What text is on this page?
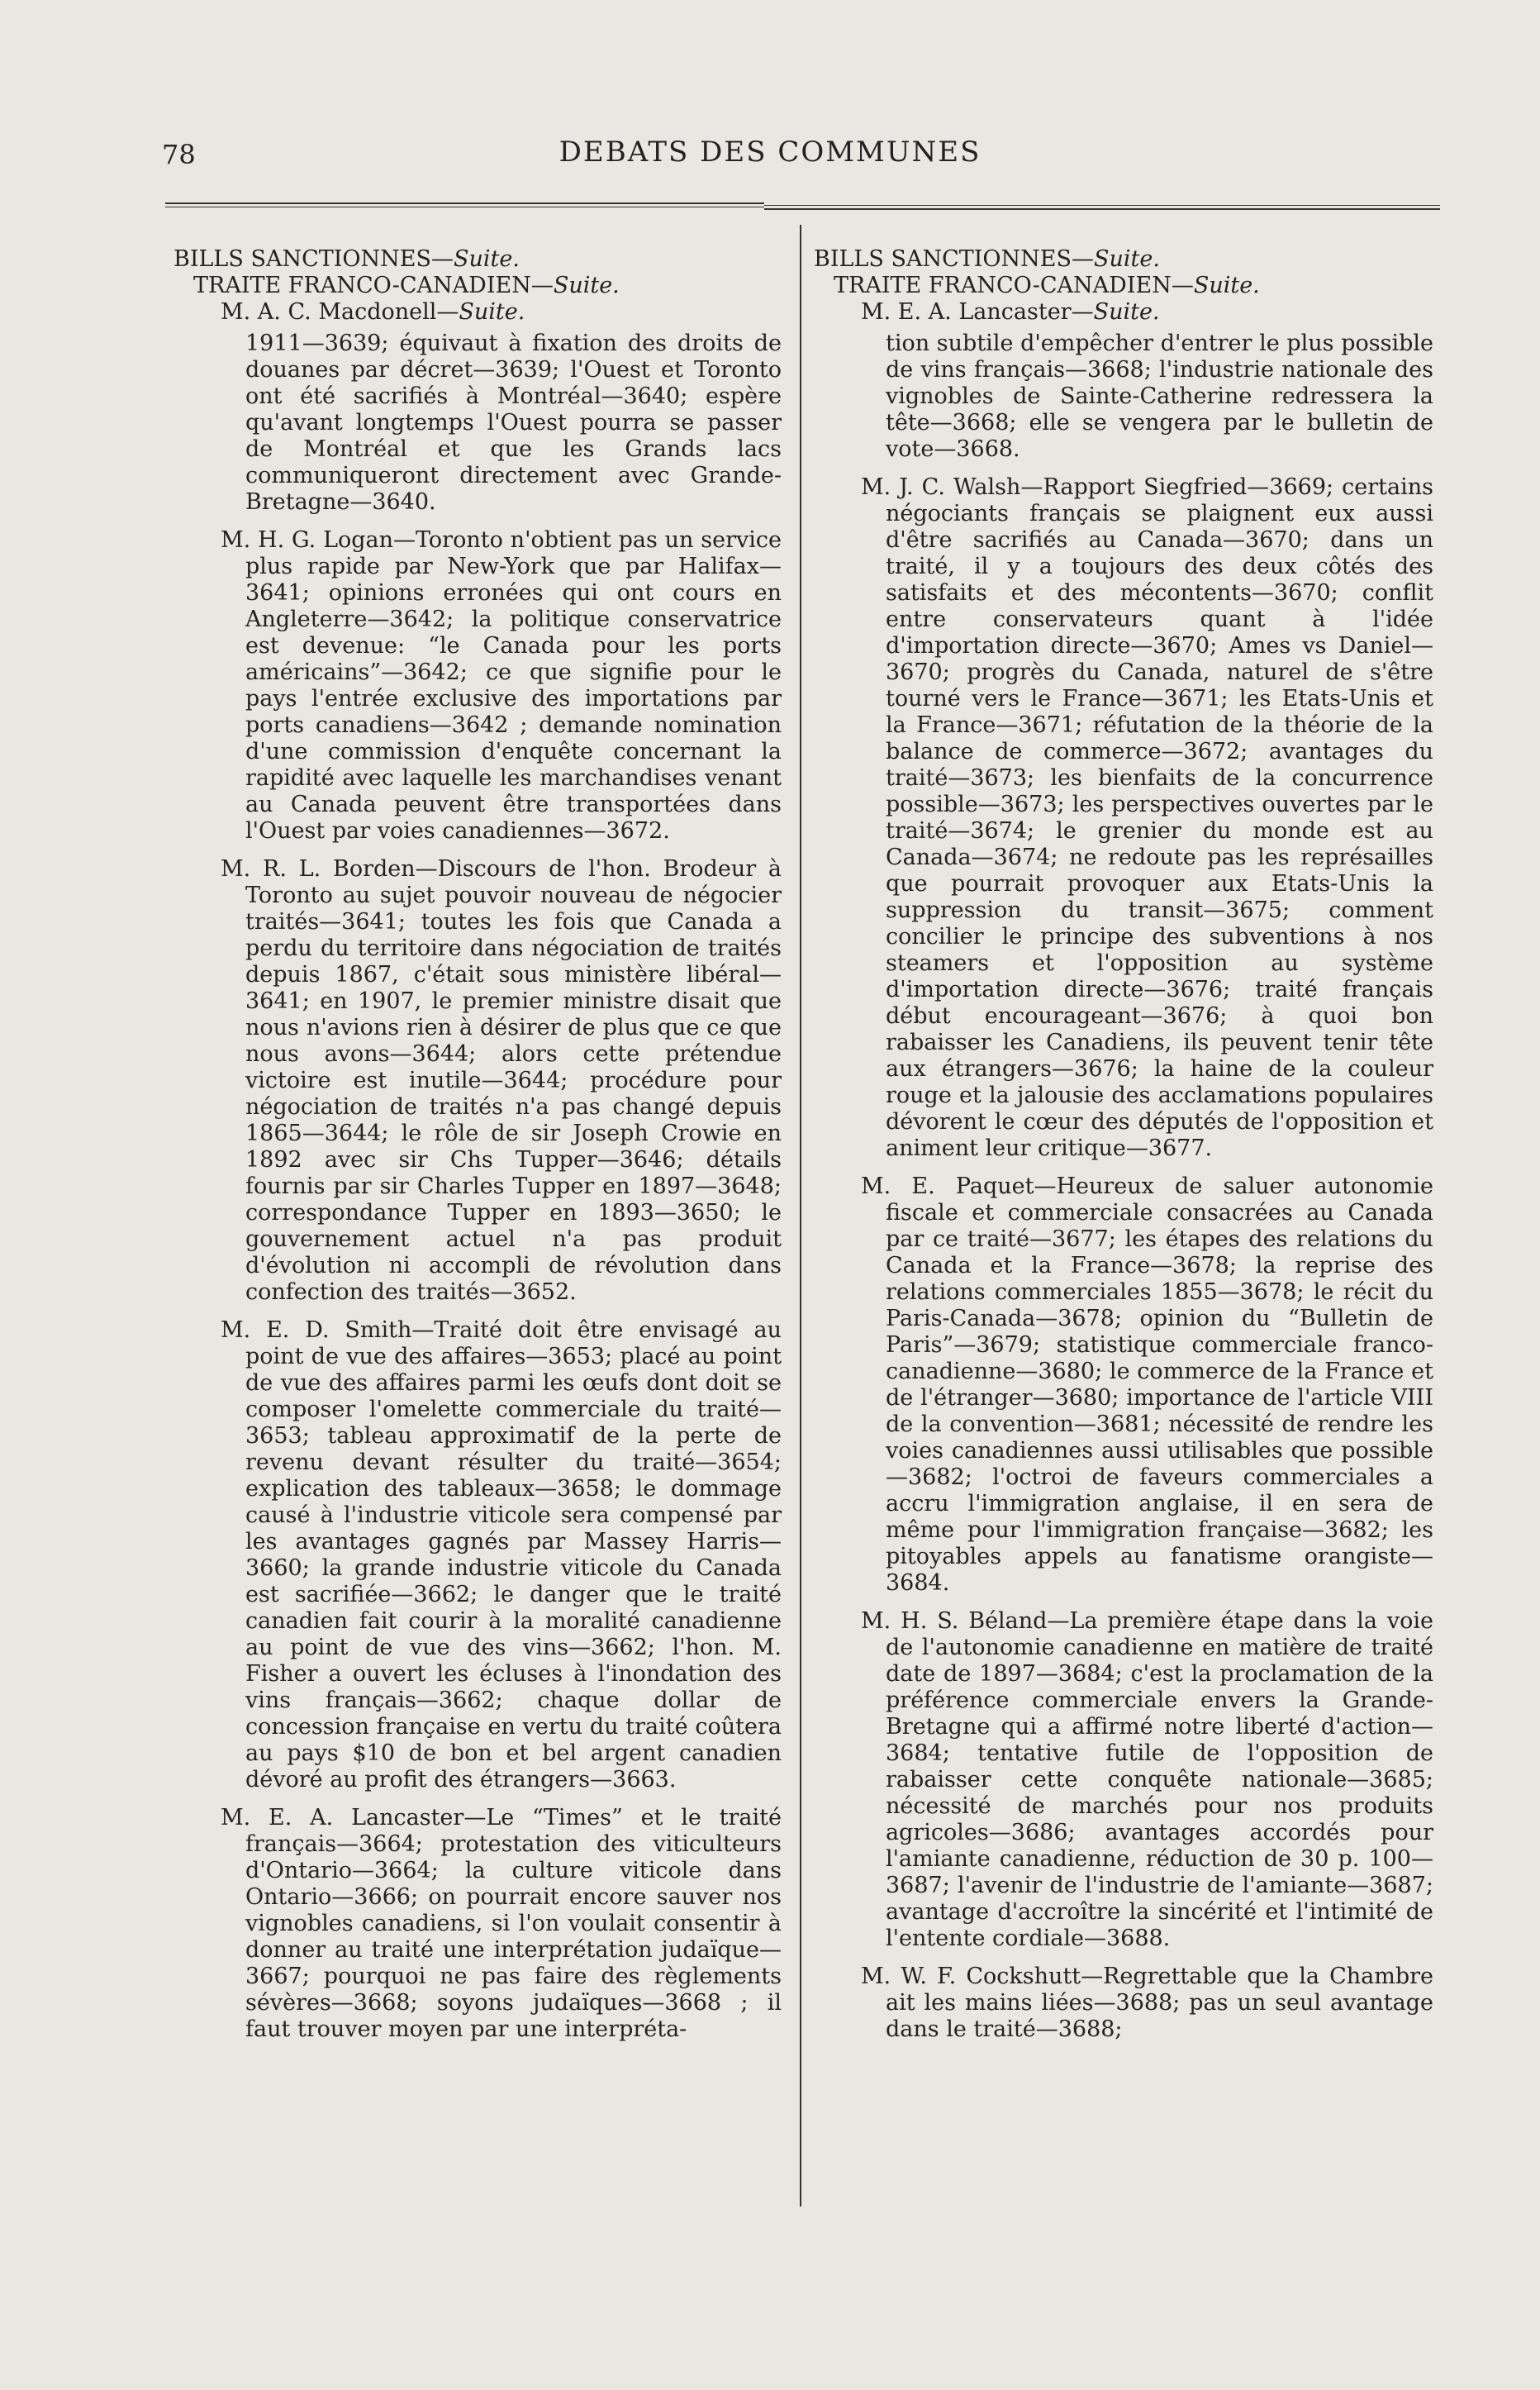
78	DEBATS DES COMMUNES

BILLS SANCTIONNES—Suite.

TRAITE FRANCO-CANADIEN—Suite.

M. A. C. Macdonell—Suite.

1911—3639; équivaut à fixation des droits de douanes par décret—3639; l'Ouest et Toronto ont été sacrifiés à Montréal—3640; espère qu'avant longtemps l'Ouest pourra se passer de Montréal et que les Grands lacs communiqueront directement avec Grande-Bretagne—3640.

M. H. G. Logan—Toronto n'obtient pas un service plus rapide par New-York que par Halifax—3641; opinions erronées qui ont cours en Angleterre—3642; la politique conservatrice est devenue: “le Canada pour les ports américains”—3642; ce que signifie pour le pays l'entrée exclusive des importations par ports canadiens—3642 ; demande nomination d'une commission d'enquête concernant la rapidité avec laquelle les marchandises venant au Canada peuvent être transportées dans l'Ouest par voies canadiennes—3672.

M. R. L. Borden—Discours de l'hon. Brodeur à Toronto au sujet pouvoir nouveau de négocier traités—3641; toutes les fois que Canada a perdu du territoire dans négociation de traités depuis 1867, c'était sous ministère libéral—3641; en 1907, le premier ministre disait que nous n'avions rien à désirer de plus que ce que nous avons—3644; alors cette prétendue victoire est inutile—3644; procédure pour négociation de traités n'a pas changé depuis 1865—3644; le rôle de sir Joseph Crowie en 1892 avec sir Chs Tupper—3646; détails fournis par sir Charles Tupper en 1897—3648; correspondance Tupper en 1893—3650; le gouvernement actuel n'a pas produit d'évolution ni accompli de révolution dans confection des traités—3652.

M. E. D. Smith—Traité doit être envisagé au point de vue des affaires—3653; placé au point de vue des affaires parmi les œufs dont doit se composer l'omelette commerciale du traité—3653; tableau approximatif de la perte de revenu devant résulter du traité—3654; explication des tableaux—3658; le dommage causé à l'industrie viticole sera compensé par les avantages gagnés par Massey Harris—3660; la grande industrie viticole du Canada est sacrifiée—3662; le danger que le traité canadien fait courir à la moralité canadienne au point de vue des vins—3662; l'hon. M. Fisher a ouvert les écluses à l'inondation des vins français—3662; chaque dollar de concession française en vertu du traité coûtera au pays $10 de bon et bel argent canadien dévoré au profit des étrangers—3663.

M. E. A. Lancaster—Le “Times” et le traité français—3664; protestation des viticulteurs d'Ontario—3664; la culture viticole dans Ontario—3666; on pourrait encore sauver nos vignobles canadiens, si l'on voulait consentir à donner au traité une interprétation judaïque—3667; pourquoi ne pas faire des règlements sévères—3668; soyons judaïques—3668 ; il faut trouver moyen par une interpréta-

BILLS SANCTIONNES—Suite.

TRAITE FRANCO-CANADIEN—Suite.

M. E. A. Lancaster—Suite.

tion subtile d'empêcher d'entrer le plus possible de vins français—3668; l'industrie nationale des vignobles de Sainte-Catherine redressera la tête—3668; elle se vengera par le bulletin de vote—3668.

M. J. C. Walsh—Rapport Siegfried—3669; certains négociants français se plaignent eux aussi d'être sacrifiés au Canada—3670; dans un traité, il y a toujours des deux côtés des satisfaits et des mécontents—3670; conflit entre conservateurs quant à l'idée d'importation directe—3670; Ames vs Daniel—3670; progrès du Canada, naturel de s'être tourné vers le France—3671; les Etats-Unis et la France—3671; réfutation de la théorie de la balance de commerce—3672; avantages du traité—3673; les bienfaits de la concurrence possible—3673; les perspectives ouvertes par le traité—3674; le grenier du monde est au Canada—3674; ne redoute pas les représailles que pourrait provoquer aux Etats-Unis la suppression du transit—3675; comment concilier le principe des subventions à nos steamers et l'opposition au système d'importation directe—3676; traité français début encourageant—3676; à quoi bon rabaisser les Canadiens, ils peuvent tenir tête aux étrangers—3676; la haine de la couleur rouge et la jalousie des acclamations populaires dévorent le cœur des députés de l'opposition et animent leur critique—3677.

M. E. Paquet—Heureux de saluer autonomie fiscale et commerciale consacrées au Canada par ce traité—3677; les étapes des relations du Canada et la France—3678; la reprise des relations commerciales 1855—3678; le récit du Paris-Canada—3678; opinion du “Bulletin de Paris”—3679; statistique commerciale franco-canadienne—3680; le commerce de la France et de l'étranger—3680; importance de l'article VIII de la convention—3681; nécessité de rendre les voies canadiennes aussi utilisables que possible—3682; l'octroi de faveurs commerciales a accru l'immigration anglaise, il en sera de même pour l'immigration française—3682; les pitoyables appels au fanatisme orangiste—3684.

M. H. S. Béland—La première étape dans la voie de l'autonomie canadienne en matière de traité date de 1897—3684; c'est la proclamation de la préférence commerciale envers la Grande-Bretagne qui a affirmé notre liberté d'action—3684; tentative futile de l'opposition de rabaisser cette conquête nationale—3685; nécessité de marchés pour nos produits agricoles—3686; avantages accordés pour l'amiante canadienne, réduction de 30 p. 100—3687; l'avenir de l'industrie de l'amiante—3687; avantage d'accroître la sincérité et l'intimité de l'entente cordiale—3688.

M. W. F. Cockshutt—Regrettable que la Chambre ait les mains liées—3688; pas un seul avantage dans le traité—3688;
